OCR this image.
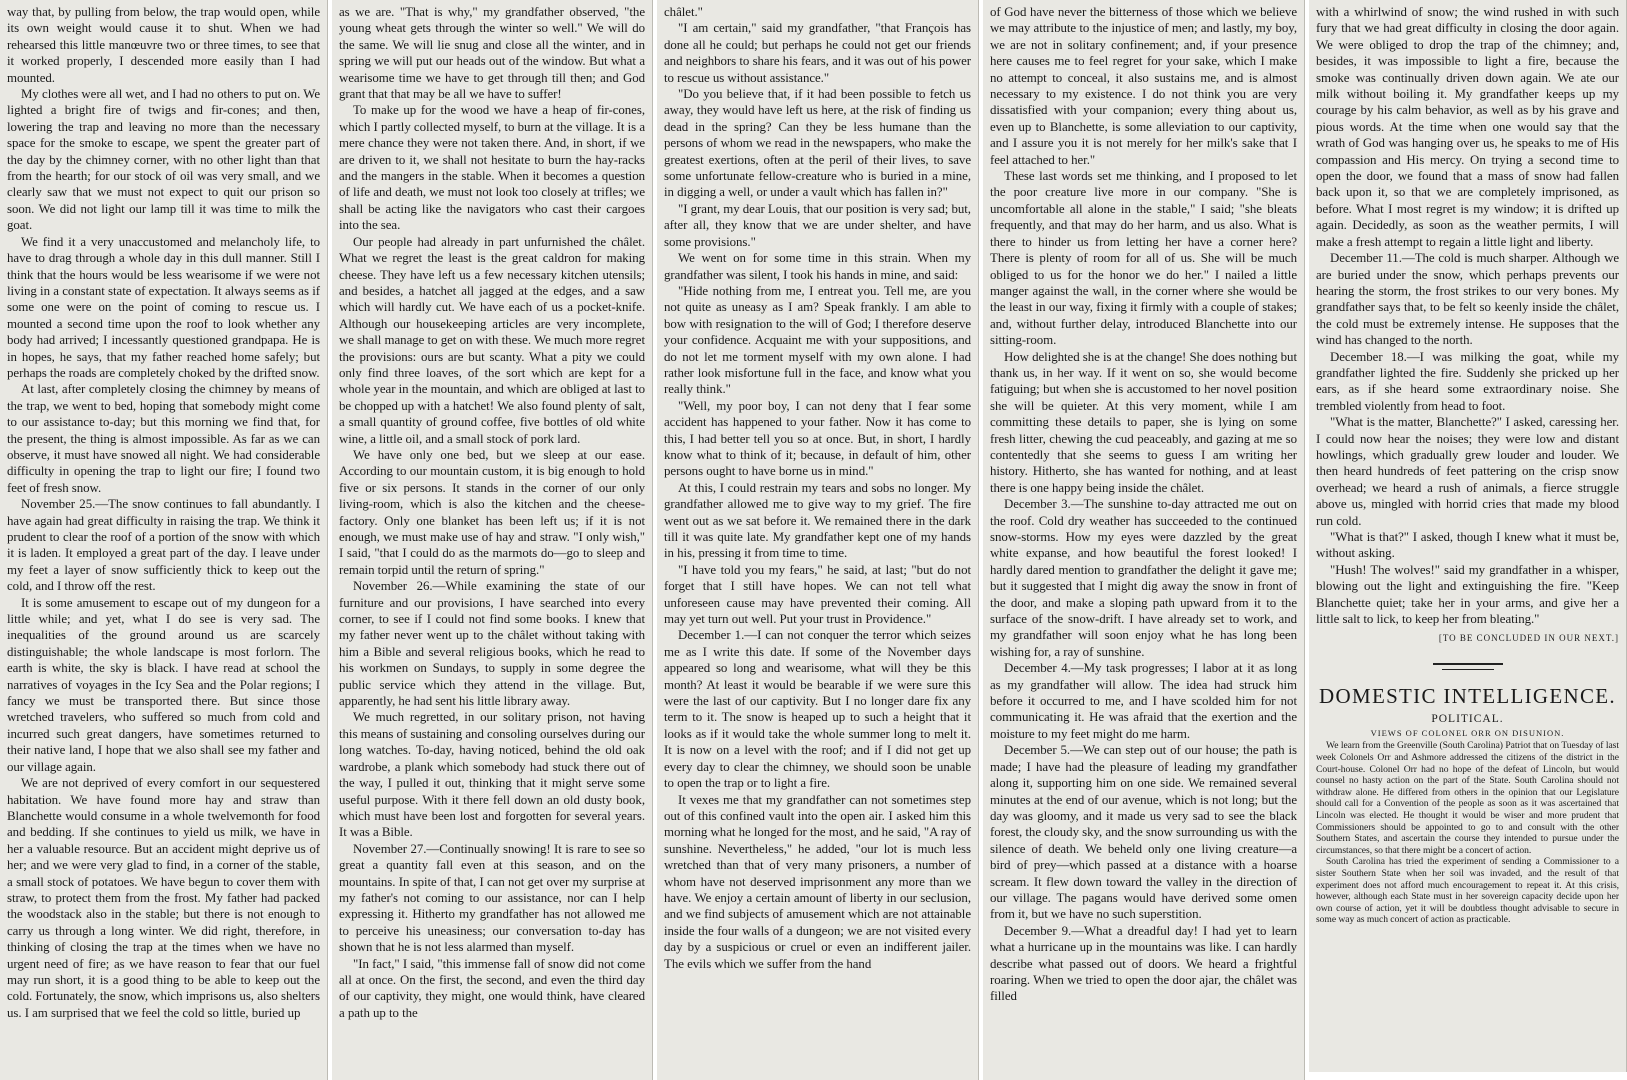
way that, by pulling from below, the trap would open, while its own weight would cause it to shut. When we had rehearsed this little manœuvre two or three times, to see that it worked properly, I descended more easily than I had mounted.

My clothes were all wet, and I had no others to put on. We lighted a bright fire of twigs and fir-cones; and then, lowering the trap and leaving no more than the necessary space for the smoke to escape, we spent the greater part of the day by the chimney corner, with no other light than that from the hearth; for our stock of oil was very small, and we clearly saw that we must not expect to quit our prison so soon. We did not light our lamp till it was time to milk the goat.

We find it a very unaccustomed and melancholy life, to have to drag through a whole day in this dull manner. Still I think that the hours would be less wearisome if we were not living in a constant state of expectation. It always seems as if some one were on the point of coming to rescue us. I mounted a second time upon the roof to look whether any body had arrived; I incessantly questioned grandpapa. He is in hopes, he says, that my father reached home safely; but perhaps the roads are completely choked by the drifted snow.

At last, after completely closing the chimney by means of the trap, we went to bed, hoping that somebody might come to our assistance to-day; but this morning we find that, for the present, the thing is almost impossible. As far as we can observe, it must have snowed all night. We had considerable difficulty in opening the trap to light our fire; I found two feet of fresh snow.

November 25.—The snow continues to fall abundantly. I have again had great difficulty in raising the trap. We think it prudent to clear the roof of a portion of the snow with which it is laden. It employed a great part of the day. I leave under my feet a layer of snow sufficiently thick to keep out the cold, and I throw off the rest.

It is some amusement to escape out of my dungeon for a little while; and yet, what I do see is very sad. The inequalities of the ground around us are scarcely distinguishable; the whole landscape is most forlorn. The earth is white, the sky is black. I have read at school the narratives of voyages in the Icy Sea and the Polar regions; I fancy we must be transported there. But since those wretched travelers, who suffered so much from cold and incurred such great dangers, have sometimes returned to their native land, I hope that we also shall see my father and our village again.

We are not deprived of every comfort in our sequestered habitation. We have found more hay and straw than Blanchette would consume in a whole twelvemonth for food and bedding. If she continues to yield us milk, we have in her a valuable resource. But an accident might deprive us of her; and we were very glad to find, in a corner of the stable, a small stock of potatoes. We have begun to cover them with straw, to protect them from the frost. My father had packed the woodstack also in the stable; but there is not enough to carry us through a long winter. We did right, therefore, in thinking of closing the trap at the times when we have no urgent need of fire; as we have reason to fear that our fuel may run short, it is a good thing to be able to keep out the cold. Fortunately, the snow, which imprisons us, also shelters us. I am surprised that we feel the cold so little, buried up

as we are. "That is why," my grandfather observed, "the young wheat gets through the winter so well." We will do the same. We will lie snug and close all the winter, and in spring we will put our heads out of the window. But what a wearisome time we have to get through till then; and God grant that that may be all we have to suffer!

To make up for the wood we have a heap of fir-cones, which I partly collected myself, to burn at the village. It is a mere chance they were not taken there. And, in short, if we are driven to it, we shall not hesitate to burn the hay-racks and the mangers in the stable. When it becomes a question of life and death, we must not look too closely at trifles; we shall be acting like the navigators who cast their cargoes into the sea.

Our people had already in part unfurnished the châlet. What we regret the least is the great caldron for making cheese. They have left us a few necessary kitchen utensils; and besides, a hatchet all jagged at the edges, and a saw which will hardly cut. We have each of us a pocket-knife. Although our housekeeping articles are very incomplete, we shall manage to get on with these. We much more regret the provisions: ours are but scanty. What a pity we could only find three loaves, of the sort which are kept for a whole year in the mountain, and which are obliged at last to be chopped up with a hatchet! We also found plenty of salt, a small quantity of ground coffee, five bottles of old white wine, a little oil, and a small stock of pork lard.

We have only one bed, but we sleep at our ease. According to our mountain custom, it is big enough to hold five or six persons. It stands in the corner of our only living-room, which is also the kitchen and the cheese-factory. Only one blanket has been left us; if it is not enough, we must make use of hay and straw. "I only wish," I said, "that I could do as the marmots do—go to sleep and remain torpid until the return of spring."

November 26.—While examining the state of our furniture and our provisions, I have searched into every corner, to see if I could not find some books. I knew that my father never went up to the châlet without taking with him a Bible and several religious books, which he read to his workmen on Sundays, to supply in some degree the public service which they attend in the village. But, apparently, he had sent his little library away.

We much regretted, in our solitary prison, not having this means of sustaining and consoling ourselves during our long watches. To-day, having noticed, behind the old oak wardrobe, a plank which somebody had stuck there out of the way, I pulled it out, thinking that it might serve some useful purpose. With it there fell down an old dusty book, which must have been lost and forgotten for several years. It was a Bible.

November 27.—Continually snowing! It is rare to see so great a quantity fall even at this season, and on the mountains. In spite of that, I can not get over my surprise at my father's not coming to our assistance, nor can I help expressing it. Hitherto my grandfather has not allowed me to perceive his uneasiness; our conversation to-day has shown that he is not less alarmed than myself.

"In fact," I said, "this immense fall of snow did not come all at once. On the first, the second, and even the third day of our captivity, they might, one would think, have cleared a path up to the

châlet."

"I am certain," said my grandfather, "that François has done all he could; but perhaps he could not get our friends and neighbors to share his fears, and it was out of his power to rescue us without assistance."

"Do you believe that, if it had been possible to fetch us away, they would have left us here, at the risk of finding us dead in the spring? Can they be less humane than the persons of whom we read in the newspapers, who make the greatest exertions, often at the peril of their lives, to save some unfortunate fellow-creature who is buried in a mine, in digging a well, or under a vault which has fallen in?"

"I grant, my dear Louis, that our position is very sad; but, after all, they know that we are under shelter, and have some provisions."

We went on for some time in this strain. When my grandfather was silent, I took his hands in mine, and said:

"Hide nothing from me, I entreat you. Tell me, are you not quite as uneasy as I am? Speak frankly. I am able to bow with resignation to the will of God; I therefore deserve your confidence. Acquaint me with your suppositions, and do not let me torment myself with my own alone. I had rather look misfortune full in the face, and know what you really think."

"Well, my poor boy, I can not deny that I fear some accident has happened to your father. Now it has come to this, I had better tell you so at once. But, in short, I hardly know what to think of it; because, in default of him, other persons ought to have borne us in mind."

At this, I could restrain my tears and sobs no longer. My grandfather allowed me to give way to my grief. The fire went out as we sat before it. We remained there in the dark till it was quite late. My grandfather kept one of my hands in his, pressing it from time to time.

"I have told you my fears," he said, at last; "but do not forget that I still have hopes. We can not tell what unforeseen cause may have prevented their coming. All may yet turn out well. Put your trust in Providence."

December 1.—I can not conquer the terror which seizes me as I write this date. If some of the November days appeared so long and wearisome, what will they be this month? At least it would be bearable if we were sure this were the last of our captivity. But I no longer dare fix any term to it. The snow is heaped up to such a height that it looks as if it would take the whole summer long to melt it. It is now on a level with the roof; and if I did not get up every day to clear the chimney, we should soon be unable to open the trap or to light a fire.

It vexes me that my grandfather can not sometimes step out of this confined vault into the open air. I asked him this morning what he longed for the most, and he said, "A ray of sunshine. Nevertheless," he added, "our lot is much less wretched than that of very many prisoners, a number of whom have not deserved imprisonment any more than we have. We enjoy a certain amount of liberty in our seclusion, and we find subjects of amusement which are not attainable inside the four walls of a dungeon; we are not visited every day by a suspicious or cruel or even an indifferent jailer. The evils which we suffer from the hand

of God have never the bitterness of those which we believe we may attribute to the injustice of men; and lastly, my boy, we are not in solitary confinement; and, if your presence here causes me to feel regret for your sake, which I make no attempt to conceal, it also sustains me, and is almost necessary to my existence. I do not think you are very dissatisfied with your companion; every thing about us, even up to Blanchette, is some alleviation to our captivity, and I assure you it is not merely for her milk's sake that I feel attached to her."

These last words set me thinking, and I proposed to let the poor creature live more in our company. "She is uncomfortable all alone in the stable," I said; "she bleats frequently, and that may do her harm, and us also. What is there to hinder us from letting her have a corner here? There is plenty of room for all of us. She will be much obliged to us for the honor we do her." I nailed a little manger against the wall, in the corner where she would be the least in our way, fixing it firmly with a couple of stakes; and, without further delay, introduced Blanchette into our sitting-room.

How delighted she is at the change! She does nothing but thank us, in her way. If it went on so, she would become fatiguing; but when she is accustomed to her novel position she will be quieter. At this very moment, while I am committing these details to paper, she is lying on some fresh litter, chewing the cud peaceably, and gazing at me so contentedly that she seems to guess I am writing her history. Hitherto, she has wanted for nothing, and at least there is one happy being inside the châlet.

December 3.—The sunshine to-day attracted me out on the roof. Cold dry weather has succeeded to the continued snow-storms. How my eyes were dazzled by the great white expanse, and how beautiful the forest looked! I hardly dared mention to grandfather the delight it gave me; but it suggested that I might dig away the snow in front of the door, and make a sloping path upward from it to the surface of the snow-drift. I have already set to work, and my grandfather will soon enjoy what he has long been wishing for, a ray of sunshine.

December 4.—My task progresses; I labor at it as long as my grandfather will allow. The idea had struck him before it occurred to me, and I have scolded him for not communicating it. He was afraid that the exertion and the moisture to my feet might do me harm.

December 5.—We can step out of our house; the path is made; I have had the pleasure of leading my grandfather along it, supporting him on one side. We remained several minutes at the end of our avenue, which is not long; but the day was gloomy, and it made us very sad to see the black forest, the cloudy sky, and the snow surrounding us with the silence of death. We beheld only one living creature—a bird of prey—which passed at a distance with a hoarse scream. It flew down toward the valley in the direction of our village. The pagans would have derived some omen from it, but we have no such superstition.

December 9.—What a dreadful day! I had yet to learn what a hurricane up in the mountains was like. I can hardly describe what passed out of doors. We heard a frightful roaring. When we tried to open the door ajar, the châlet was filled

with a whirlwind of snow; the wind rushed in with such fury that we had great difficulty in closing the door again. We were obliged to drop the trap of the chimney; and, besides, it was impossible to light a fire, because the smoke was continually driven down again. We ate our milk without boiling it. My grandfather keeps up my courage by his calm behavior, as well as by his grave and pious words. At the time when one would say that the wrath of God was hanging over us, he speaks to me of His compassion and His mercy. On trying a second time to open the door, we found that a mass of snow had fallen back upon it, so that we are completely imprisoned, as before. What I most regret is my window; it is drifted up again. Decidedly, as soon as the weather permits, I will make a fresh attempt to regain a little light and liberty.

December 11.—The cold is much sharper. Although we are buried under the snow, which perhaps prevents our hearing the storm, the frost strikes to our very bones. My grandfather says that, to be felt so keenly inside the châlet, the cold must be extremely intense. He supposes that the wind has changed to the north.

December 18.—I was milking the goat, while my grandfather lighted the fire. Suddenly she pricked up her ears, as if she heard some extraordinary noise. She trembled violently from head to foot.

"What is the matter, Blanchette?" I asked, caressing her. I could now hear the noises; they were low and distant howlings, which gradually grew louder and louder. We then heard hundreds of feet pattering on the crisp snow overhead; we heard a rush of animals, a fierce struggle above us, mingled with horrid cries that made my blood run cold.

"What is that?" I asked, though I knew what it must be, without asking.

"Hush! The wolves!" said my grandfather in a whisper, blowing out the light and extinguishing the fire. "Keep Blanchette quiet; take her in your arms, and give her a little salt to lick, to keep her from bleating."

[TO BE CONCLUDED IN OUR NEXT.]
DOMESTIC INTELLIGENCE.
POLITICAL.
VIEWS OF COLONEL ORR ON DISUNION.

We learn from the Greenville (South Carolina) Patriot that on Tuesday of last week Colonels Orr and Ashmore addressed the citizens of the district in the Court-house. Colonel Orr had no hope of the defeat of Lincoln, but would counsel no hasty action on the part of the State. South Carolina should not withdraw alone. He differed from others in the opinion that our Legislature should call for a Convention of the people as soon as it was ascertained that Lincoln was elected. He thought it would be wiser and more prudent that Commissioners should be appointed to go to and consult with the other Southern States, and ascertain the course they intended to pursue under the circumstances, so that there might be a concert of action.

South Carolina has tried the experiment of sending a Commissioner to a sister Southern State when her soil was invaded, and the result of that experiment does not afford much encouragement to repeat it. At this crisis, however, although each State must in her sovereign capacity decide upon her own course of action, yet it will be doubtless thought advisable to secure in some way as much concert of action as practicable.
